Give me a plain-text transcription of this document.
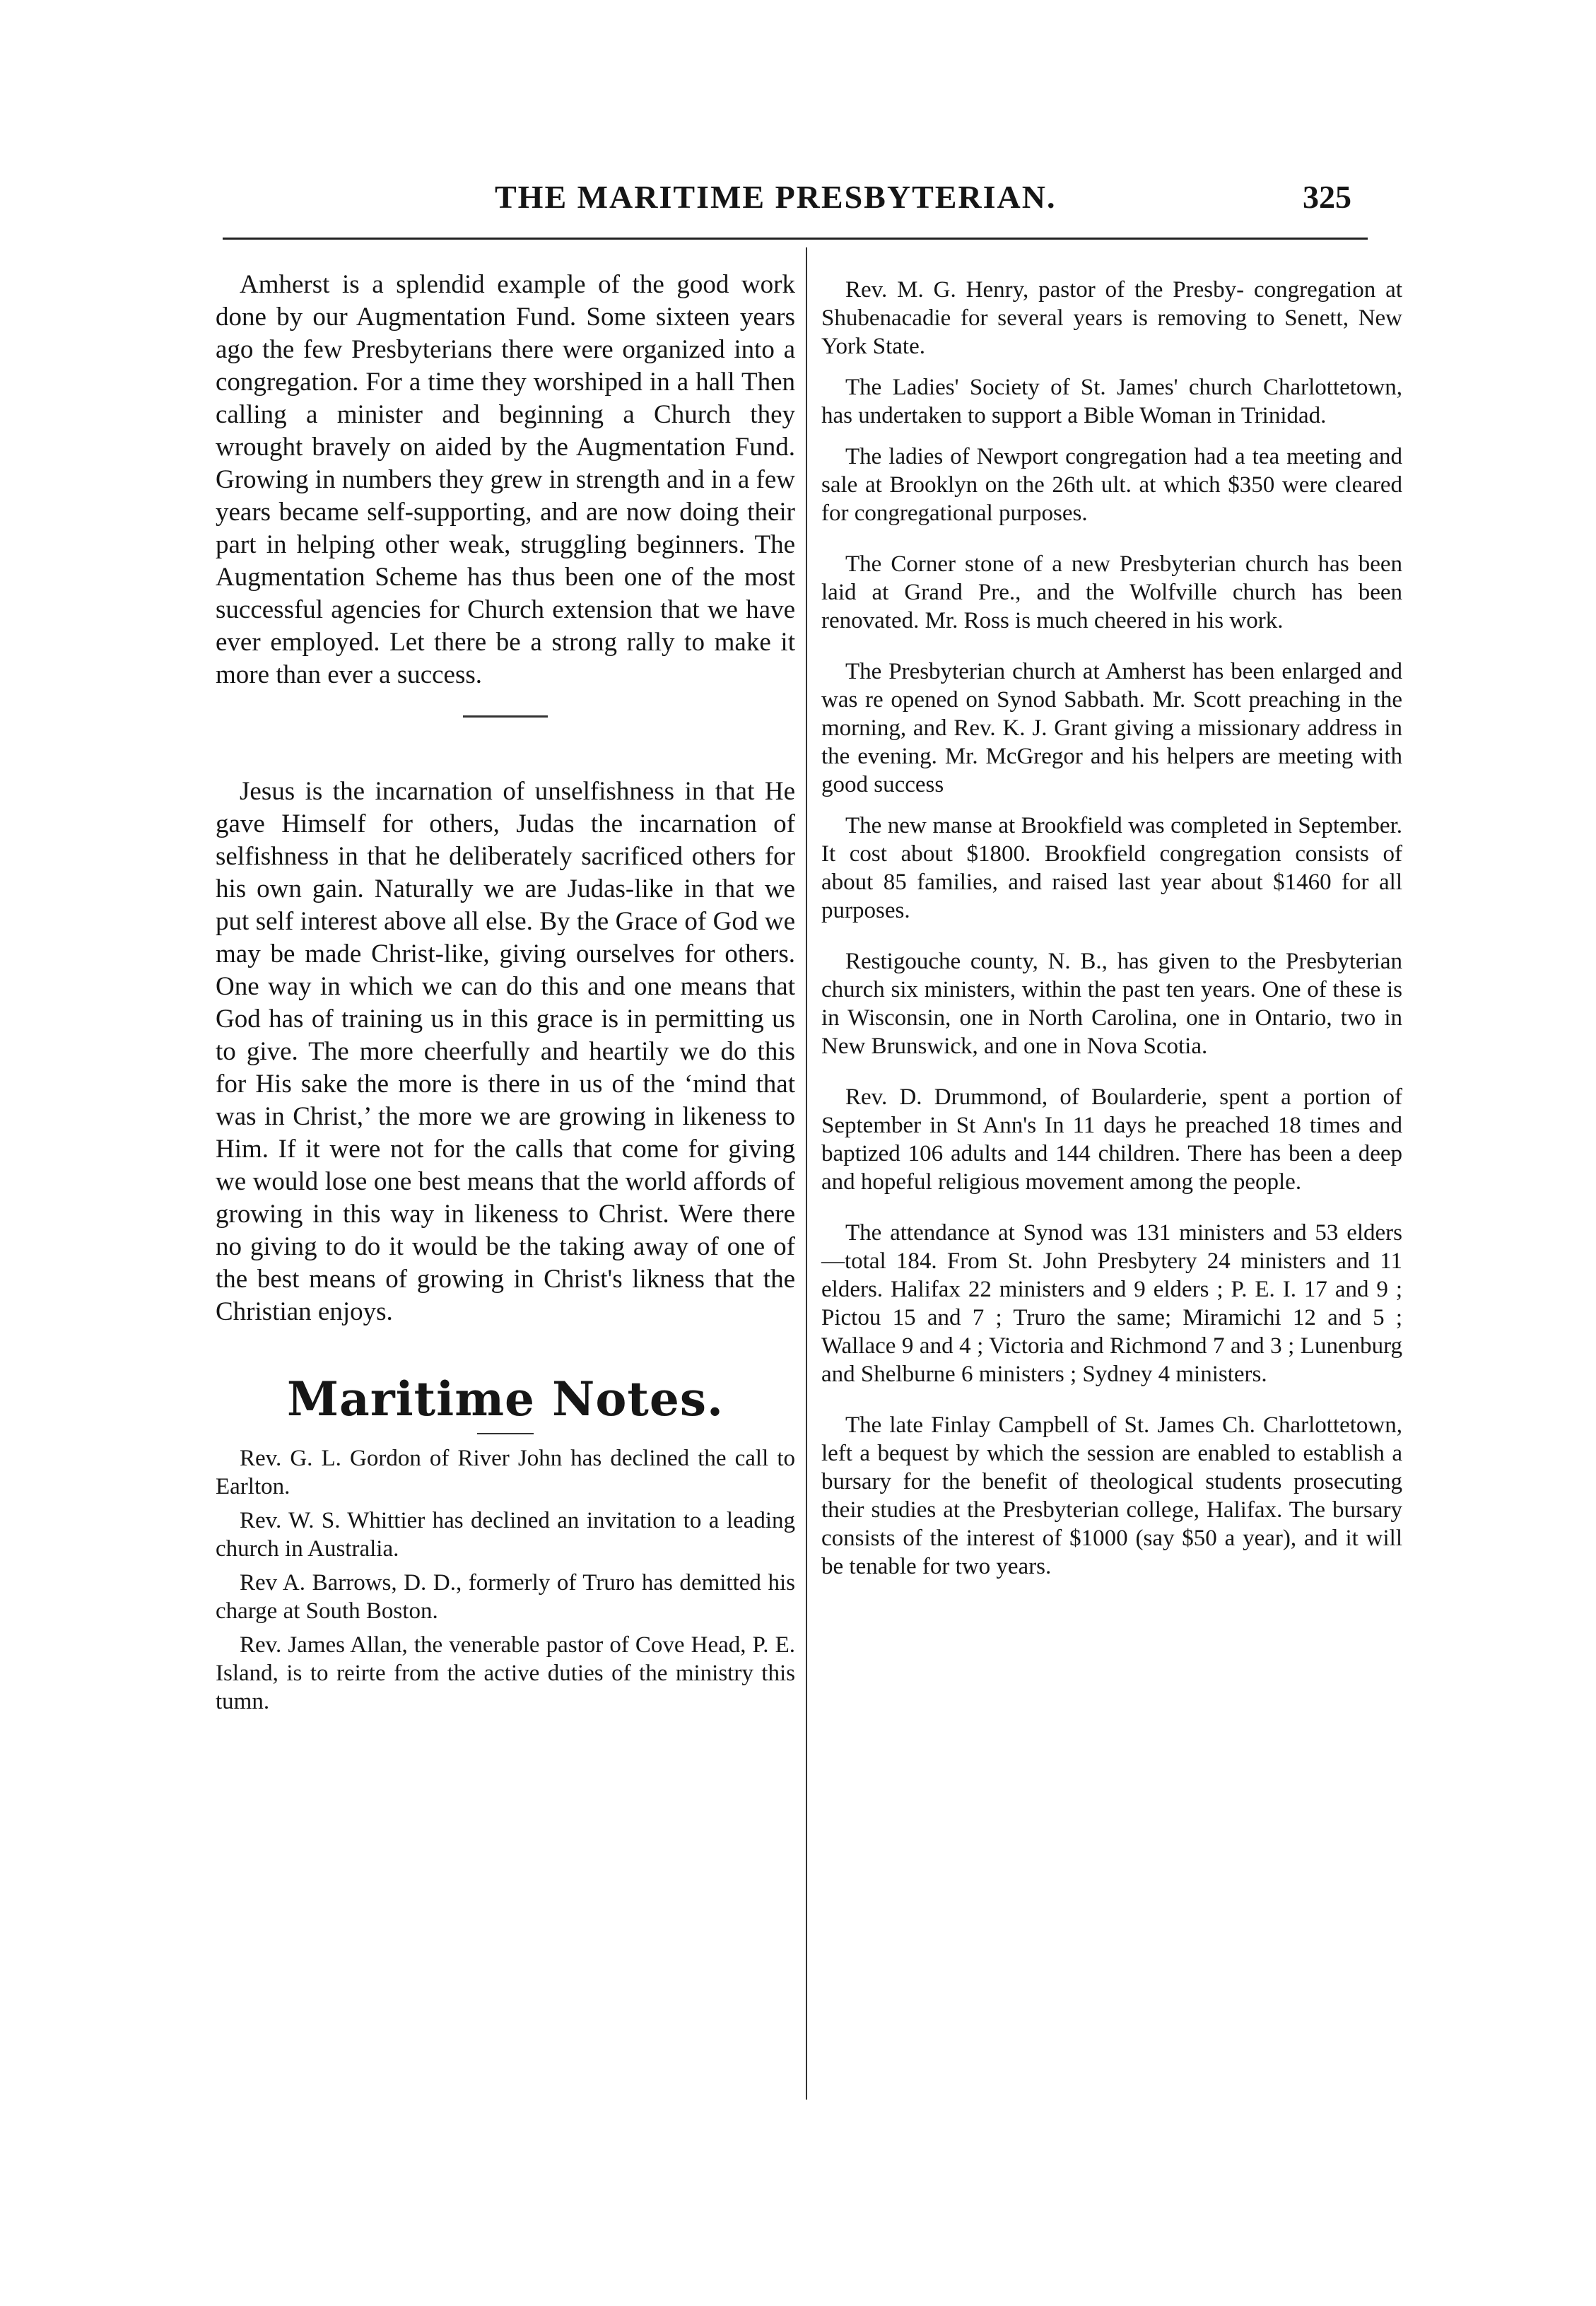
THE MARITIME PRESBYTERIAN.	325

Amherst is a splendid example of the good work done by our Augmentation Fund. Some sixteen years ago the few Presbyterians there were organized into a congregation. For a time they worshiped in a hall Then calling a minister and beginning a Church they wrought bravely on aided by the Augmentation Fund. Growing in numbers they grew in strength and in a few years became self-supporting, and are now doing their part in helping other weak, struggling beginners. The Augmentation Scheme has thus been one of the most successful agencies for Church extension that we have ever employed. Let there be a strong rally to make it more than ever a success.

Jesus is the incarnation of unselfishness in that He gave Himself for others, Judas the incarnation of selfishness in that he deliberately sacrificed others for his own gain. Naturally we are Judas-like in that we put self interest above all else. By the Grace of God we may be made Christ-like, giving ourselves for others. One way in which we can do this and one means that God has of training us in this grace is in permitting us to give. The more cheerfully and heartily we do this for His sake the more is there in us of the ‘mind that was in Christ,’ the more we are growing in likeness to Him. If it were not for the calls that come for giving we would lose one best means that the world affords of growing in this way in likeness to Christ. Were there no giving to do it would be the taking away of one of the best means of growing in Christ's likness that the Christian enjoys.

Maritime Notes.

Rev. G. L. Gordon of River John has declined the call to Earlton.

Rev. W. S. Whittier has declined an invitation to a leading church in Australia.

Rev A. Barrows, D. D., formerly of Truro has demitted his charge at South Boston.

Rev. James Allan, the venerable pastor of Cove Head, P. E. Island, is to reirte from the active duties of the ministry this tumn.

Rev. M. G. Henry, pastor of the Presby- congregation at Shubenacadie for several years is removing to Senett, New York State.

The Ladies' Society of St. James' church Charlottetown, has undertaken to support a Bible Woman in Trinidad.

The ladies of Newport congregation had a tea meeting and sale at Brooklyn on the 26th ult. at which $350 were cleared for congregational purposes.

The Corner stone of a new Presbyterian church has been laid at Grand Pre., and the Wolfville church has been renovated. Mr. Ross is much cheered in his work.

The Presbyterian church at Amherst has been enlarged and was re opened on Synod Sabbath. Mr. Scott preaching in the morning, and Rev. K. J. Grant giving a missionary address in the evening. Mr. McGregor and his helpers are meeting with good success

The new manse at Brookfield was completed in September. It cost about $1800. Brookfield congregation consists of about 85 families, and raised last year about $1460 for all purposes.

Restigouche county, N. B., has given to the Presbyterian church six ministers, within the past ten years. One of these is in Wisconsin, one in North Carolina, one in Ontario, two in New Brunswick, and one in Nova Scotia.

Rev. D. Drummond, of Boularderie, spent a portion of September in St Ann's In 11 days he preached 18 times and baptized 106 adults and 144 children. There has been a deep and hopeful religious movement among the people.

The attendance at Synod was 131 ministers and 53 elders—total 184. From St. John Presbytery 24 ministers and 11 elders. Halifax 22 ministers and 9 elders ; P. E. I. 17 and 9 ; Pictou 15 and 7 ; Truro the same; Miramichi 12 and 5 ; Wallace 9 and 4 ; Victoria and Richmond 7 and 3 ; Lunenburg and Shelburne 6 ministers ; Sydney 4 ministers.

The late Finlay Campbell of St. James Ch. Charlottetown, left a bequest by which the session are enabled to establish a bursary for the benefit of theological students prosecuting their studies at the Presbyterian college, Halifax. The bursary consists of the interest of $1000 (say $50 a year), and it will be tenable for two years.
